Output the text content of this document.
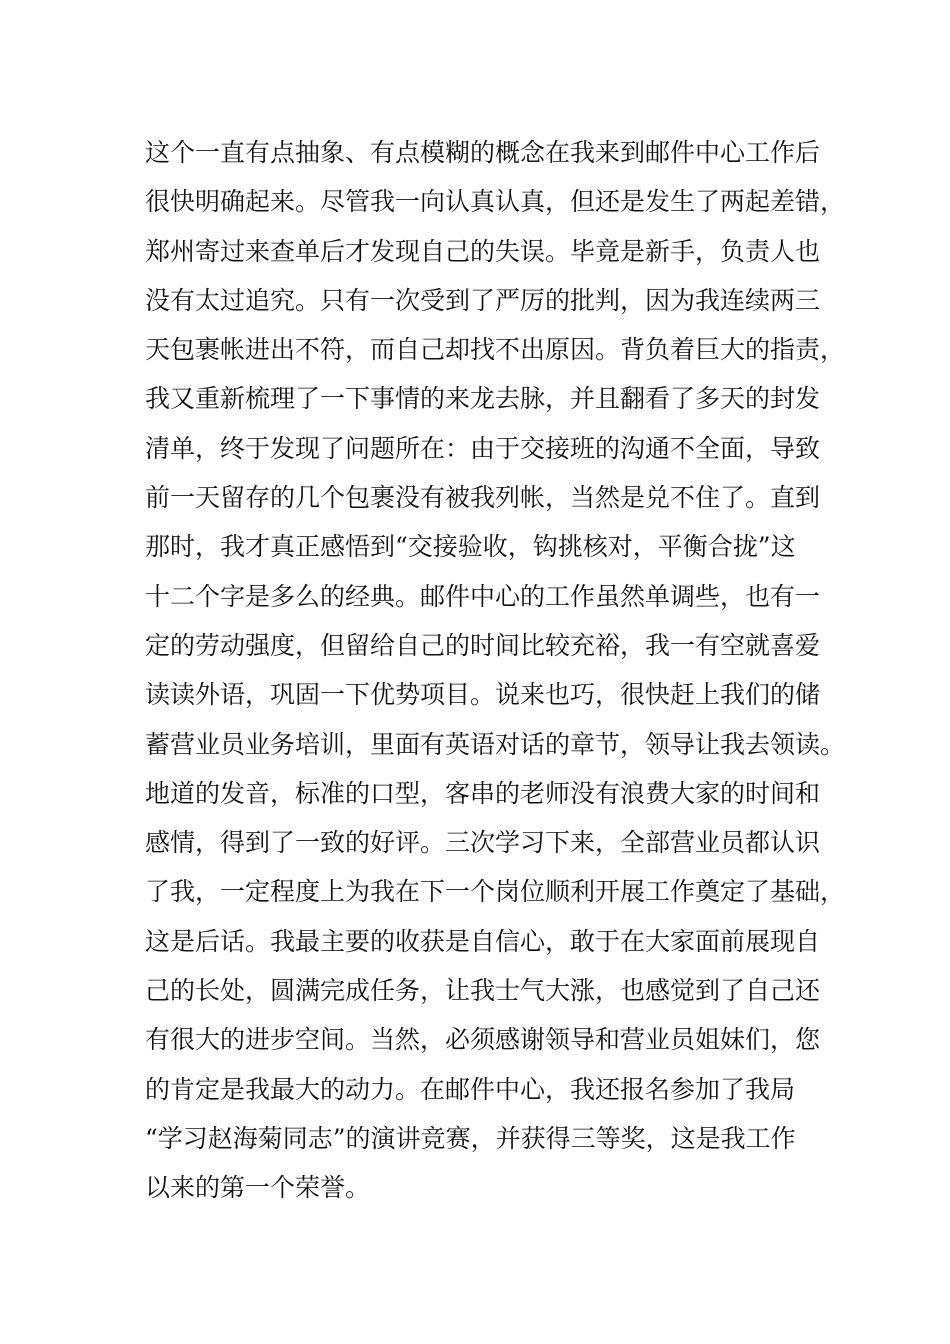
这个一直有点抽象、有点模糊的概念在我来到邮件中心工作后
很快明确起来。尽管我一向认真认真，但还是发生了两起差错，
郑州寄过来查单后才发现自己的失误。毕竟是新手，负责人也
没有太过追究。只有一次受到了严厉的批判，因为我连续两三
天包裹帐进出不符，而自己却找不出原因。背负着巨大的指责，
我又重新梳理了一下事情的来龙去脉，并且翻看了多天的封发
清单，终于发现了问题所在：由于交接班的沟通不全面，导致
前一天留存的几个包裹没有被我列帐，当然是兑不住了。直到
那时，我才真正感悟到“交接验收，钩挑核对，平衡合拢”这
十二个字是多么的经典。邮件中心的工作虽然单调些，也有一
定的劳动强度，但留给自己的时间比较充裕，我一有空就喜爱
读读外语，巩固一下优势项目。说来也巧，很快赶上我们的储
蓄营业员业务培训，里面有英语对话的章节，领导让我去领读。
地道的发音，标准的口型，客串的老师没有浪费大家的时间和
感情，得到了一致的好评。三次学习下来，全部营业员都认识
了我，一定程度上为我在下一个岗位顺利开展工作奠定了基础，
这是后话。我最主要的收获是自信心，敢于在大家面前展现自
己的长处，圆满完成任务，让我士气大涨，也感觉到了自己还
有很大的进步空间。当然，必须感谢领导和营业员姐妹们，您
的肯定是我最大的动力。在邮件中心，我还报名参加了我局
“学习赵海菊同志”的演讲竞赛，并获得三等奖，这是我工作
以来的第一个荣誉。
